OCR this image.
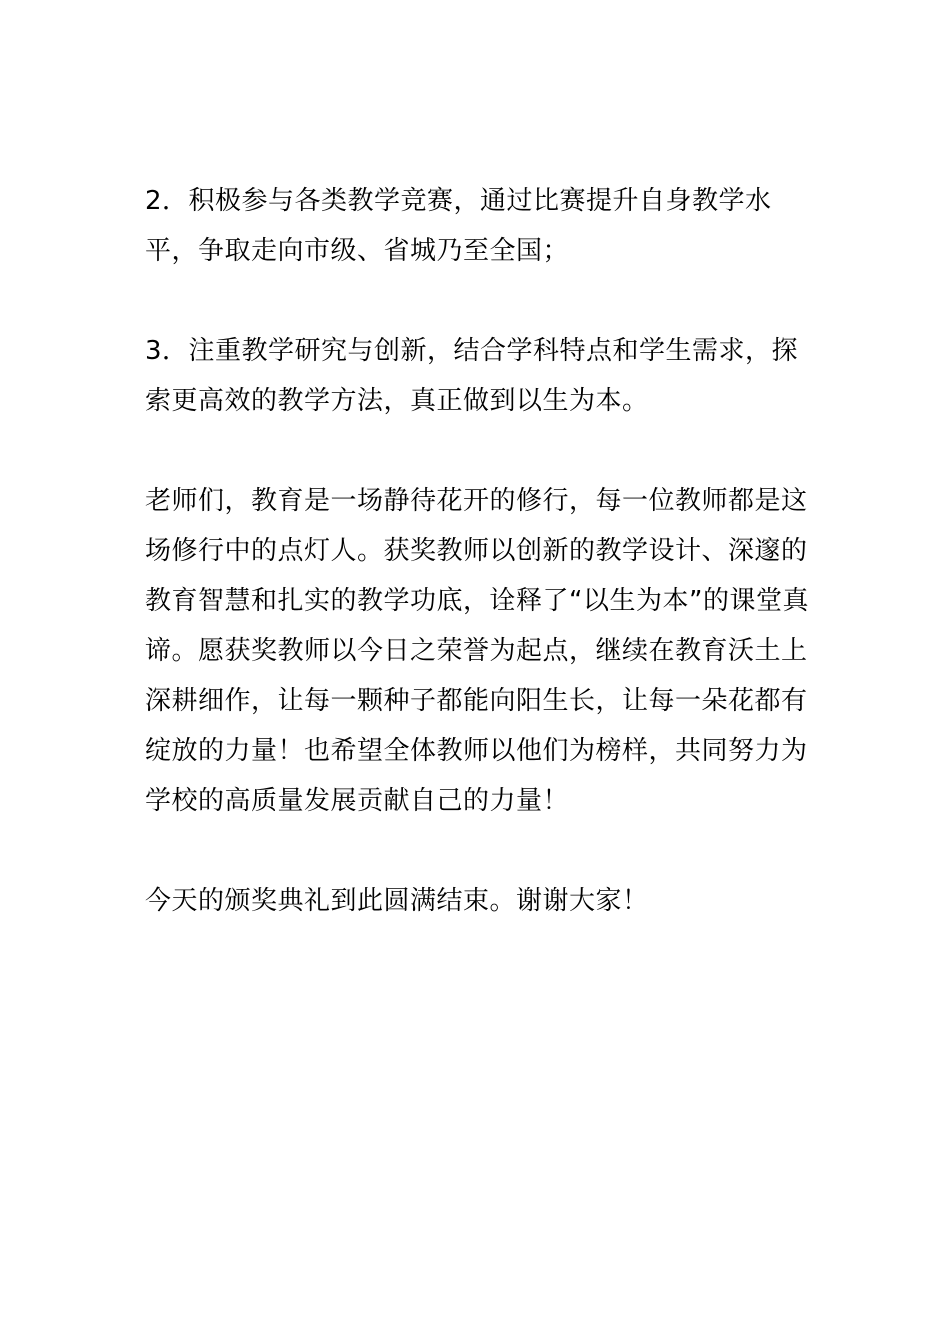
2．积极参与各类教学竞赛，通过比赛提升自身教学水平，争取走向市级、省城乃至全国；

3．注重教学研究与创新，结合学科特点和学生需求，探索更高效的教学方法，真正做到以生为本。

老师们，教育是一场静待花开的修行，每一位教师都是这场修行中的点灯人。获奖教师以创新的教学设计、深邃的教育智慧和扎实的教学功底，诠释了“以生为本”的课堂真谛。愿获奖教师以今日之荣誉为起点，继续在教育沃土上深耕细作，让每一颗种子都能向阳生长，让每一朵花都有绽放的力量！也希望全体教师以他们为榜样，共同努力为学校的高质量发展贡献自己的力量！

今天的颁奖典礼到此圆满结束。谢谢大家！
